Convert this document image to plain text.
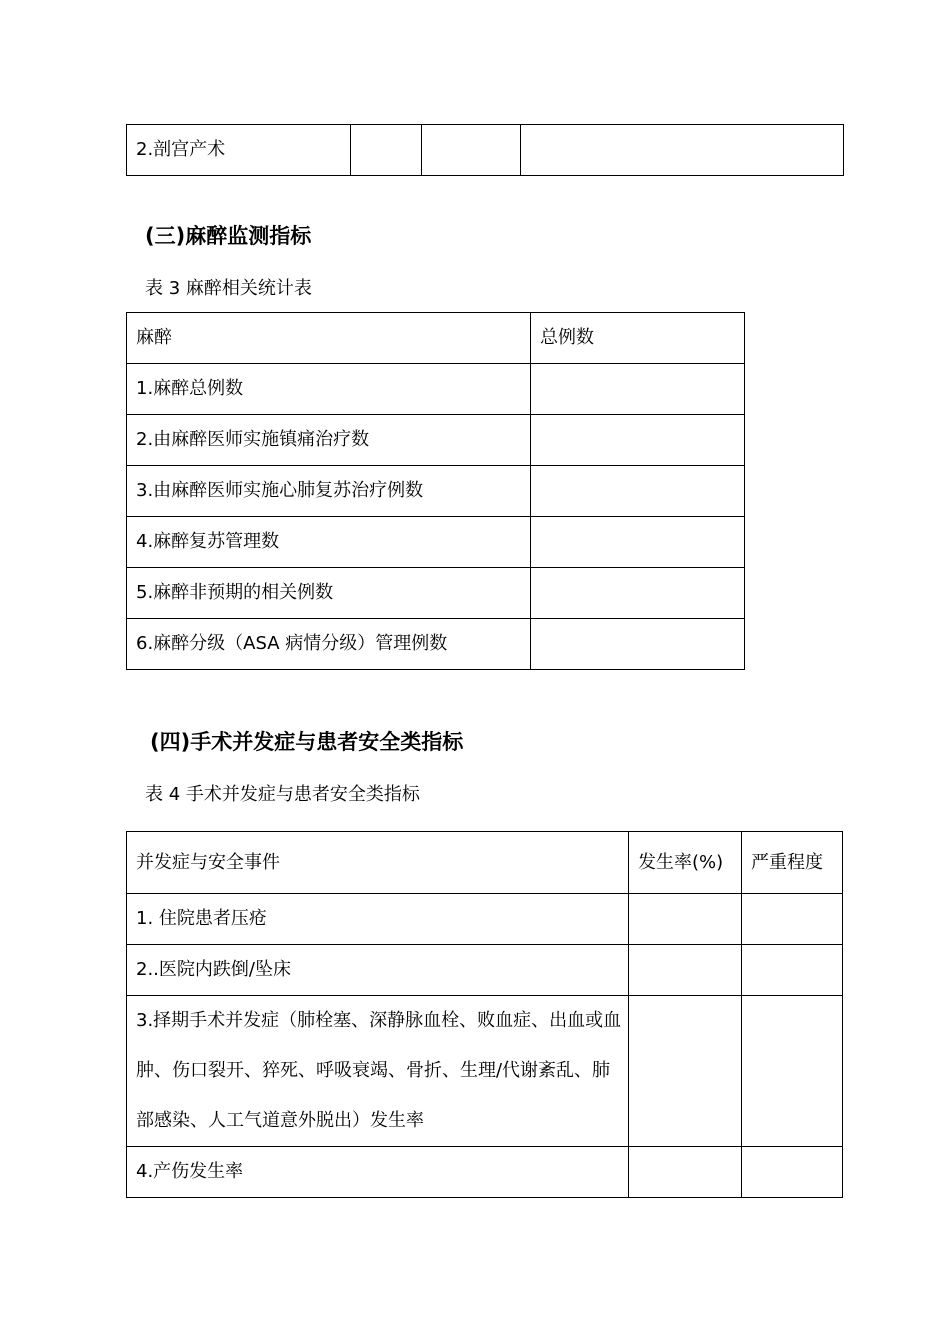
2.剖宫产术			
(三)麻醉监测指标

表 3 麻醉相关统计表

麻醉	总例数
1.麻醉总例数	
2.由麻醉医师实施镇痛治疗数	
3.由麻醉医师实施心肺复苏治疗例数	
4.麻醉复苏管理数	
5.麻醉非预期的相关例数	
6.麻醉分级（ASA 病情分级）管理例数	
(四)手术并发症与患者安全类指标

表 4 手术并发症与患者安全类指标

并发症与安全事件	发生率(%)	严重程度
1. 住院患者压疮		
2..医院内跌倒/坠床		
3.择期手术并发症（肺栓塞、深静脉血栓、败血症、出血或血肿、伤口裂开、猝死、呼吸衰竭、骨折、生理/代谢紊乱、肺部感染、人工气道意外脱出）发生率		
4.产伤发生率		
